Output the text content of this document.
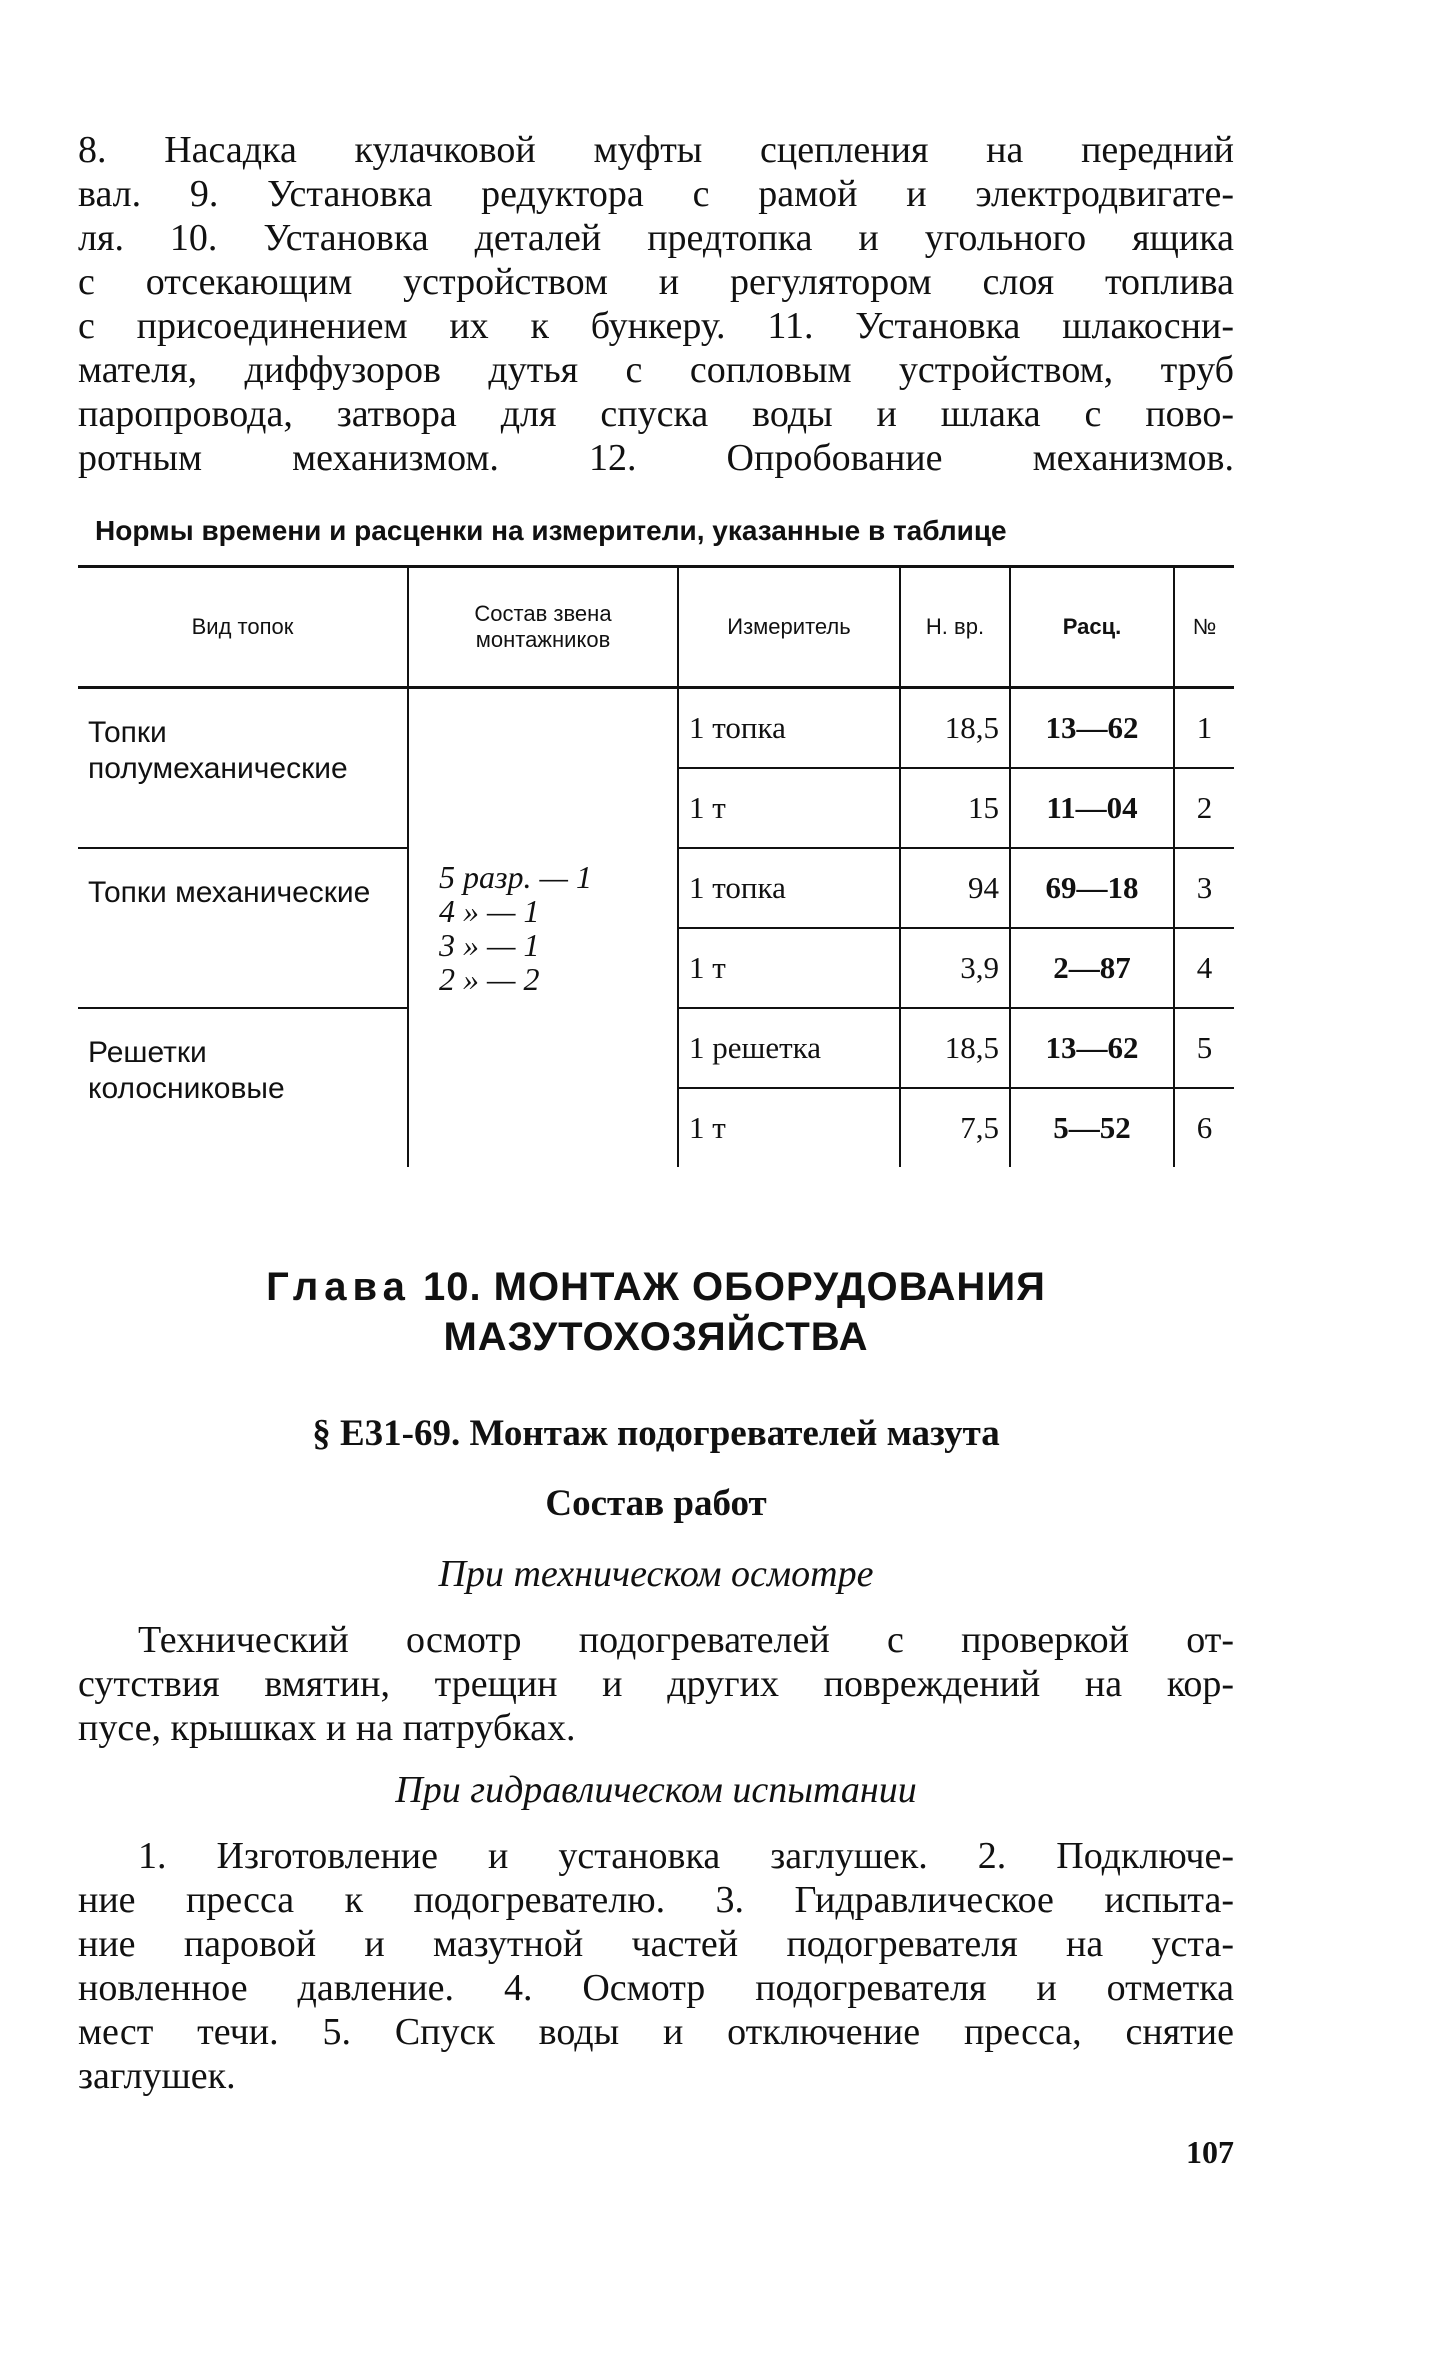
8. Насадка кулачковой муфты сцепления на передний
вал. 9. Установка редуктора с рамой и электродвигате-
ля. 10. Установка деталей предтопка и угольного ящика
с отсекающим устройством и регулятором слоя топлива
с присоединением их к бункеру. 11. Установка шлакосни-
мателя, диффузоров дутья с сопловым устройством, труб
паропровода, затвора для спуска воды и шлака с пово-
ротным механизмом. 12. Опробование механизмов.
Нормы времени и расценки на измерители, указанные в таблице
Вид топок	Состав звена монтажников	Измеритель	Н. вр.	Расц.	№
Топки полумеханические	5 разр. — 1
4 » — 1
3 » — 1
2 » — 2	1 топка	18,5	13—62	1
		1 т	15	11—04	2
Топки механические		1 топка	94	69—18	3
		1 т	3,9	2—87	4
Решетки колосниковые		1 решетка	18,5	13—62	5
		1 т	7,5	5—52	6
Глава 10. МОНТАЖ ОБОРУДОВАНИЯ
МАЗУТОХОЗЯЙСТВА
§ Е31-69. Монтаж подогревателей мазута
Состав работ
При техническом осмотре
Технический осмотр подогревателей с проверкой от-
сутствия вмятин, трещин и других повреждений на кор-
пусе, крышках и на патрубках.
При гидравлическом испытании
1. Изготовление и установка заглушек. 2. Подключе-
ние пресса к подогревателю. 3. Гидравлическое испыта-
ние паровой и мазутной частей подогревателя на уста-
новленное давление. 4. Осмотр подогревателя и отметка
мест течи. 5. Спуск воды и отключение пресса, снятие
заглушек.
107
